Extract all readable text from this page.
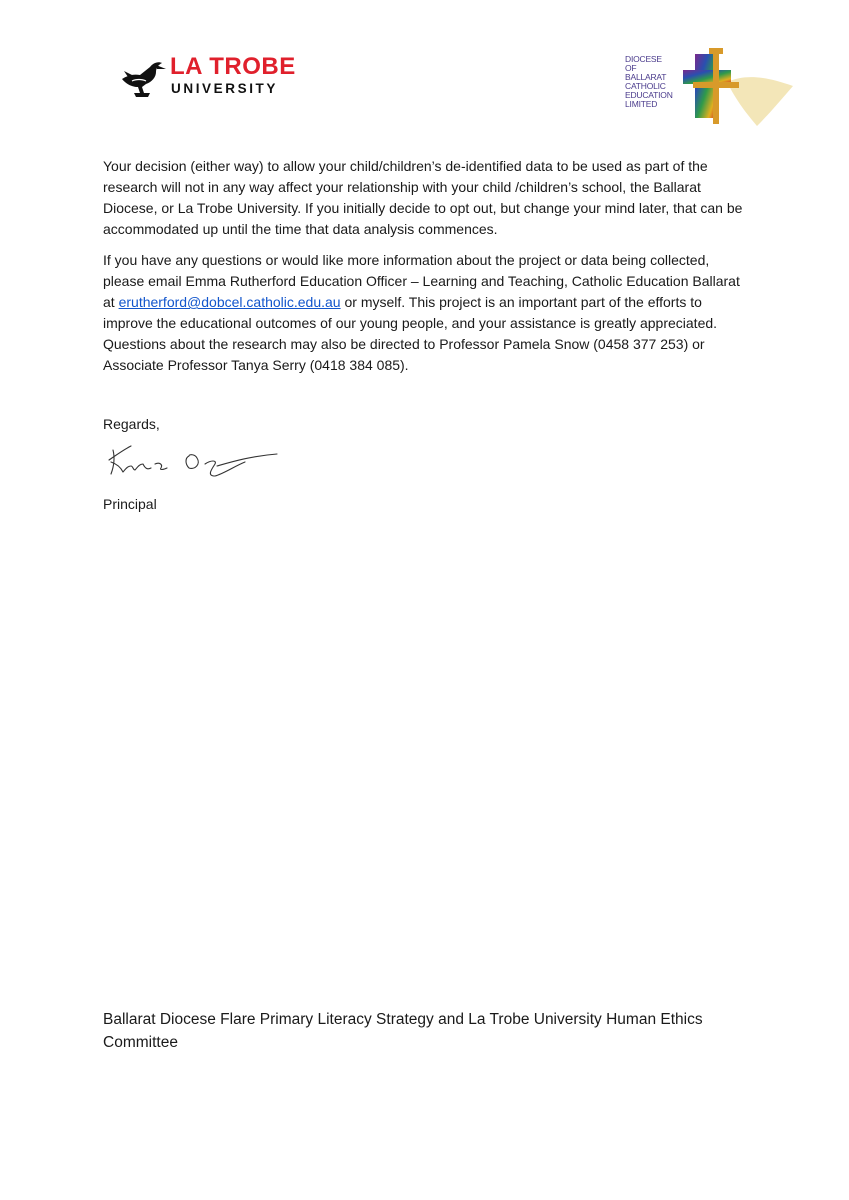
LA TROBE
UNIVERSITY
DIOCESE
OF
BALLARAT
CATHOLIC
EDUCATION
LIMITED
Your decision (either way) to allow your child/children’s de-identified data to be used as part of the research will not in any way affect your relationship with your child /children’s school, the Ballarat Diocese, or La Trobe University. If you initially decide to opt out, but change your mind later, that can be accommodated up until the time that data analysis commences.
If you have any questions or would like more information about the project or data being collected, please email Emma Rutherford Education Officer – Learning and Teaching, Catholic Education Ballarat at erutherford@dobcel.catholic.edu.au or myself. This project is an important part of the efforts to improve the educational outcomes of our young people, and your assistance is greatly appreciated. Questions about the research may also be directed to Professor Pamela Snow (0458 377 253) or Associate Professor Tanya Serry (0418 384 085).
Regards,
Principal
Ballarat Diocese Flare Primary Literacy Strategy and La Trobe University Human Ethics Committee
